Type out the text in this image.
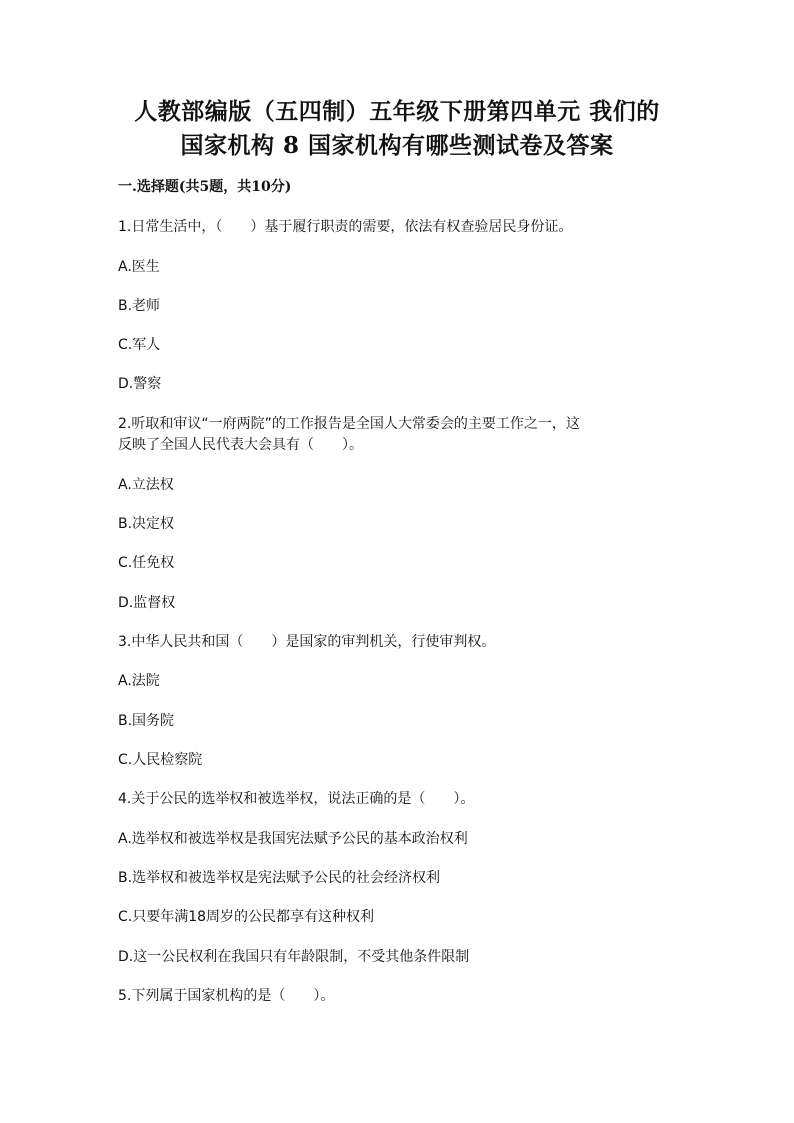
人教部编版（五四制）五年级下册第四单元 我们的
国家机构 8 国家机构有哪些测试卷及答案
一.选择题(共5题，共10分)
1.日常生活中，（　　）基于履行职责的需要，依法有权查验居民身份证。
A.医生
B.老师
C.军人
D.警察
2.听取和审议“一府两院”的工作报告是全国人大常委会的主要工作之一，这
反映了全国人民代表大会具有（　　）。
A.立法权
B.决定权
C.任免权
D.监督权
3.中华人民共和国（　　）是国家的审判机关，行使审判权。
A.法院
B.国务院
C.人民检察院
4.关于公民的选举权和被选举权，说法正确的是（　　）。
A.选举权和被选举权是我国宪法赋予公民的基本政治权利
B.选举权和被选举权是宪法赋予公民的社会经济权利
C.只要年满18周岁的公民都享有这种权利
D.这一公民权利在我国只有年龄限制，不受其他条件限制
5.下列属于国家机构的是（　　）。
